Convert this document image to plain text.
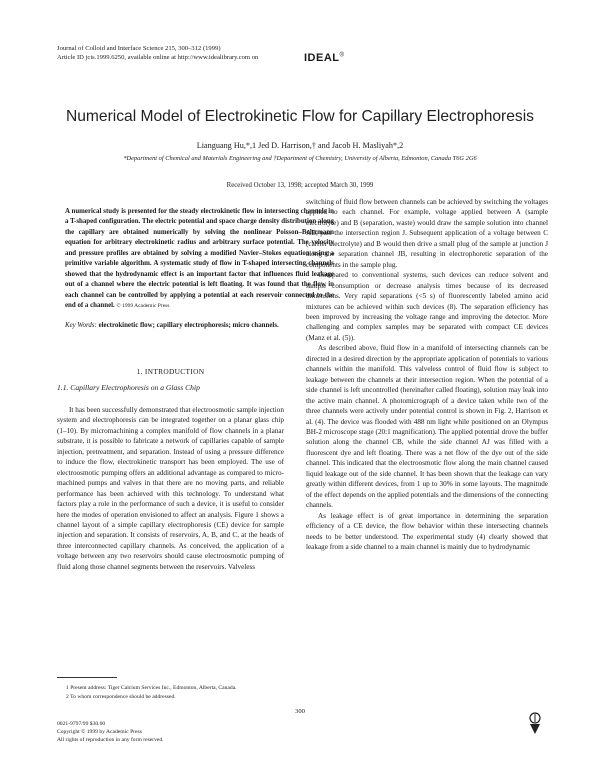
Journal of Colloid and Interface Science 215, 300–312 (1999)
Article ID jcis.1999.6250, available online at http://www.idealibrary.com on	IDEAL®
Numerical Model of Electrokinetic Flow for Capillary Electrophoresis
Lianguang Hu,*,1 Jed D. Harrison,† and Jacob H. Masliyah*,2
*Department of Chemical and Materials Engineering and †Department of Chemistry, University of Alberta, Edmonton, Canada T6G 2G6
Received October 13, 1998; accepted March 30, 1999
A numerical study is presented for the steady electrokinetic flow in intersecting channels in a T-shaped configuration. The electric potential and space charge density distribution along the capillary are obtained numerically by solving the nonlinear Poisson–Boltzmann equation for arbitrary electrokinetic radius and arbitrary surface potential. The velocity and pressure profiles are obtained by solving a modified Navier–Stokes equation using a primitive variable algorithm. A systematic study of flow in T-shaped intersecting channels showed that the hydrodynamic effect is an important factor that influences fluid leakage out of a channel where the electric potential is left floating. It was found that the flow in each channel can be controlled by applying a potential at each reservoir connected to the end of a channel. © 1999 Academic Press
Key Words: electrokinetic flow; capillary electrophoresis; micro channels.
1. INTRODUCTION
1.1. Capillary Electrophoresis on a Glass Chip

It has been successfully demonstrated that electroosmotic sample injection system and electrophoresis can be integrated together on a planar glass chip (1–10). By micromachining a complex manifold of flow channels in a planar substrate, it is possible to fabricate a network of capillaries capable of sample injection, pretreatment, and separation. Instead of using a pressure difference to induce the flow, electrokinetic transport has been employed. The use of electroosmotic pumping offers an additional advantage as compared to micro-machined pumps and valves in that there are no moving parts, and reliable performance has been achieved with this technology. To understand what factors play a role in the performance of such a device, it is useful to consider here the modes of operation envisioned to affect an analysis. Figure 1 shows a channel layout of a simple capillary electrophoresis (CE) device for sample injection and separation. It consists of reservoirs, A, B, and C, at the heads of three interconnected capillary channels. As conceived, the application of a voltage between any two reservoirs should cause electroosmotic pumping of fluid along those channel segments between the reservoirs. Valveless

switching of fluid flow between channels can be achieved by switching the voltages applied to each channel. For example, voltage applied between A (sample electrolyte) and B (separation, waste) would draw the sample solution into channel AB, past the intersection region J. Subsequent application of a voltage between C (carrier electrolyte) and B would then drive a small plug of the sample at junction J along the separation channel JB, resulting in electrophoretic separation of the components in the sample plug.

Compared to conventional systems, such devices can reduce solvent and sample consumption or decrease analysis times because of its decreased dimensions. Very rapid separations (<5 s) of fluorescently labeled amino acid mixtures can be achieved within such devices (8). The separation efficiency has been improved by increasing the voltage range and improving the detector. More challenging and complex samples may be separated with compact CE devices (Manz et al. (5)).

As described above, fluid flow in a manifold of intersecting channels can be directed in a desired direction by the appropriate application of potentials to various channels within the manifold. This valveless control of fluid flow is subject to leakage between the channels at their intersection region. When the potential of a side channel is left uncontrolled (hereinafter called floating), solution may leak into the active main channel. A photomicrograph of a device taken while two of the three channels were actively under potential control is shown in Fig. 2, Harrison et al. (4). The device was flooded with 488 nm light while positioned on an Olympus BH-2 microscope stage (20:1 magnification). The applied potential drove the buffer solution along the channel CB, while the side channel AJ was filled with a fluorescent dye and left floating. There was a net flow of the dye out of the side channel. This indicated that the electroosmotic flow along the main channel caused liquid leakage out of the side channel. It has been shown that the leakage can vary greatly within different devices, from 1 up to 30% in some layouts. The magnitude of the effect depends on the applied potentials and the dimensions of the connecting channels.

As leakage effect is of great importance in determining the separation efficiency of a CE device, the flow behavior within these intersecting channels needs to be better understood. The experimental study (4) clearly showed that leakage from a side channel to a main channel is mainly due to hydrodynamic

1 Present address: Tiger Calcium Services Inc., Edmonton, Alberta, Canada.
2 To whom correspondence should be addressed.
300
0021-9797/99 $30.00
Copyright © 1999 by Academic Press
All rights of reproduction in any form reserved.
